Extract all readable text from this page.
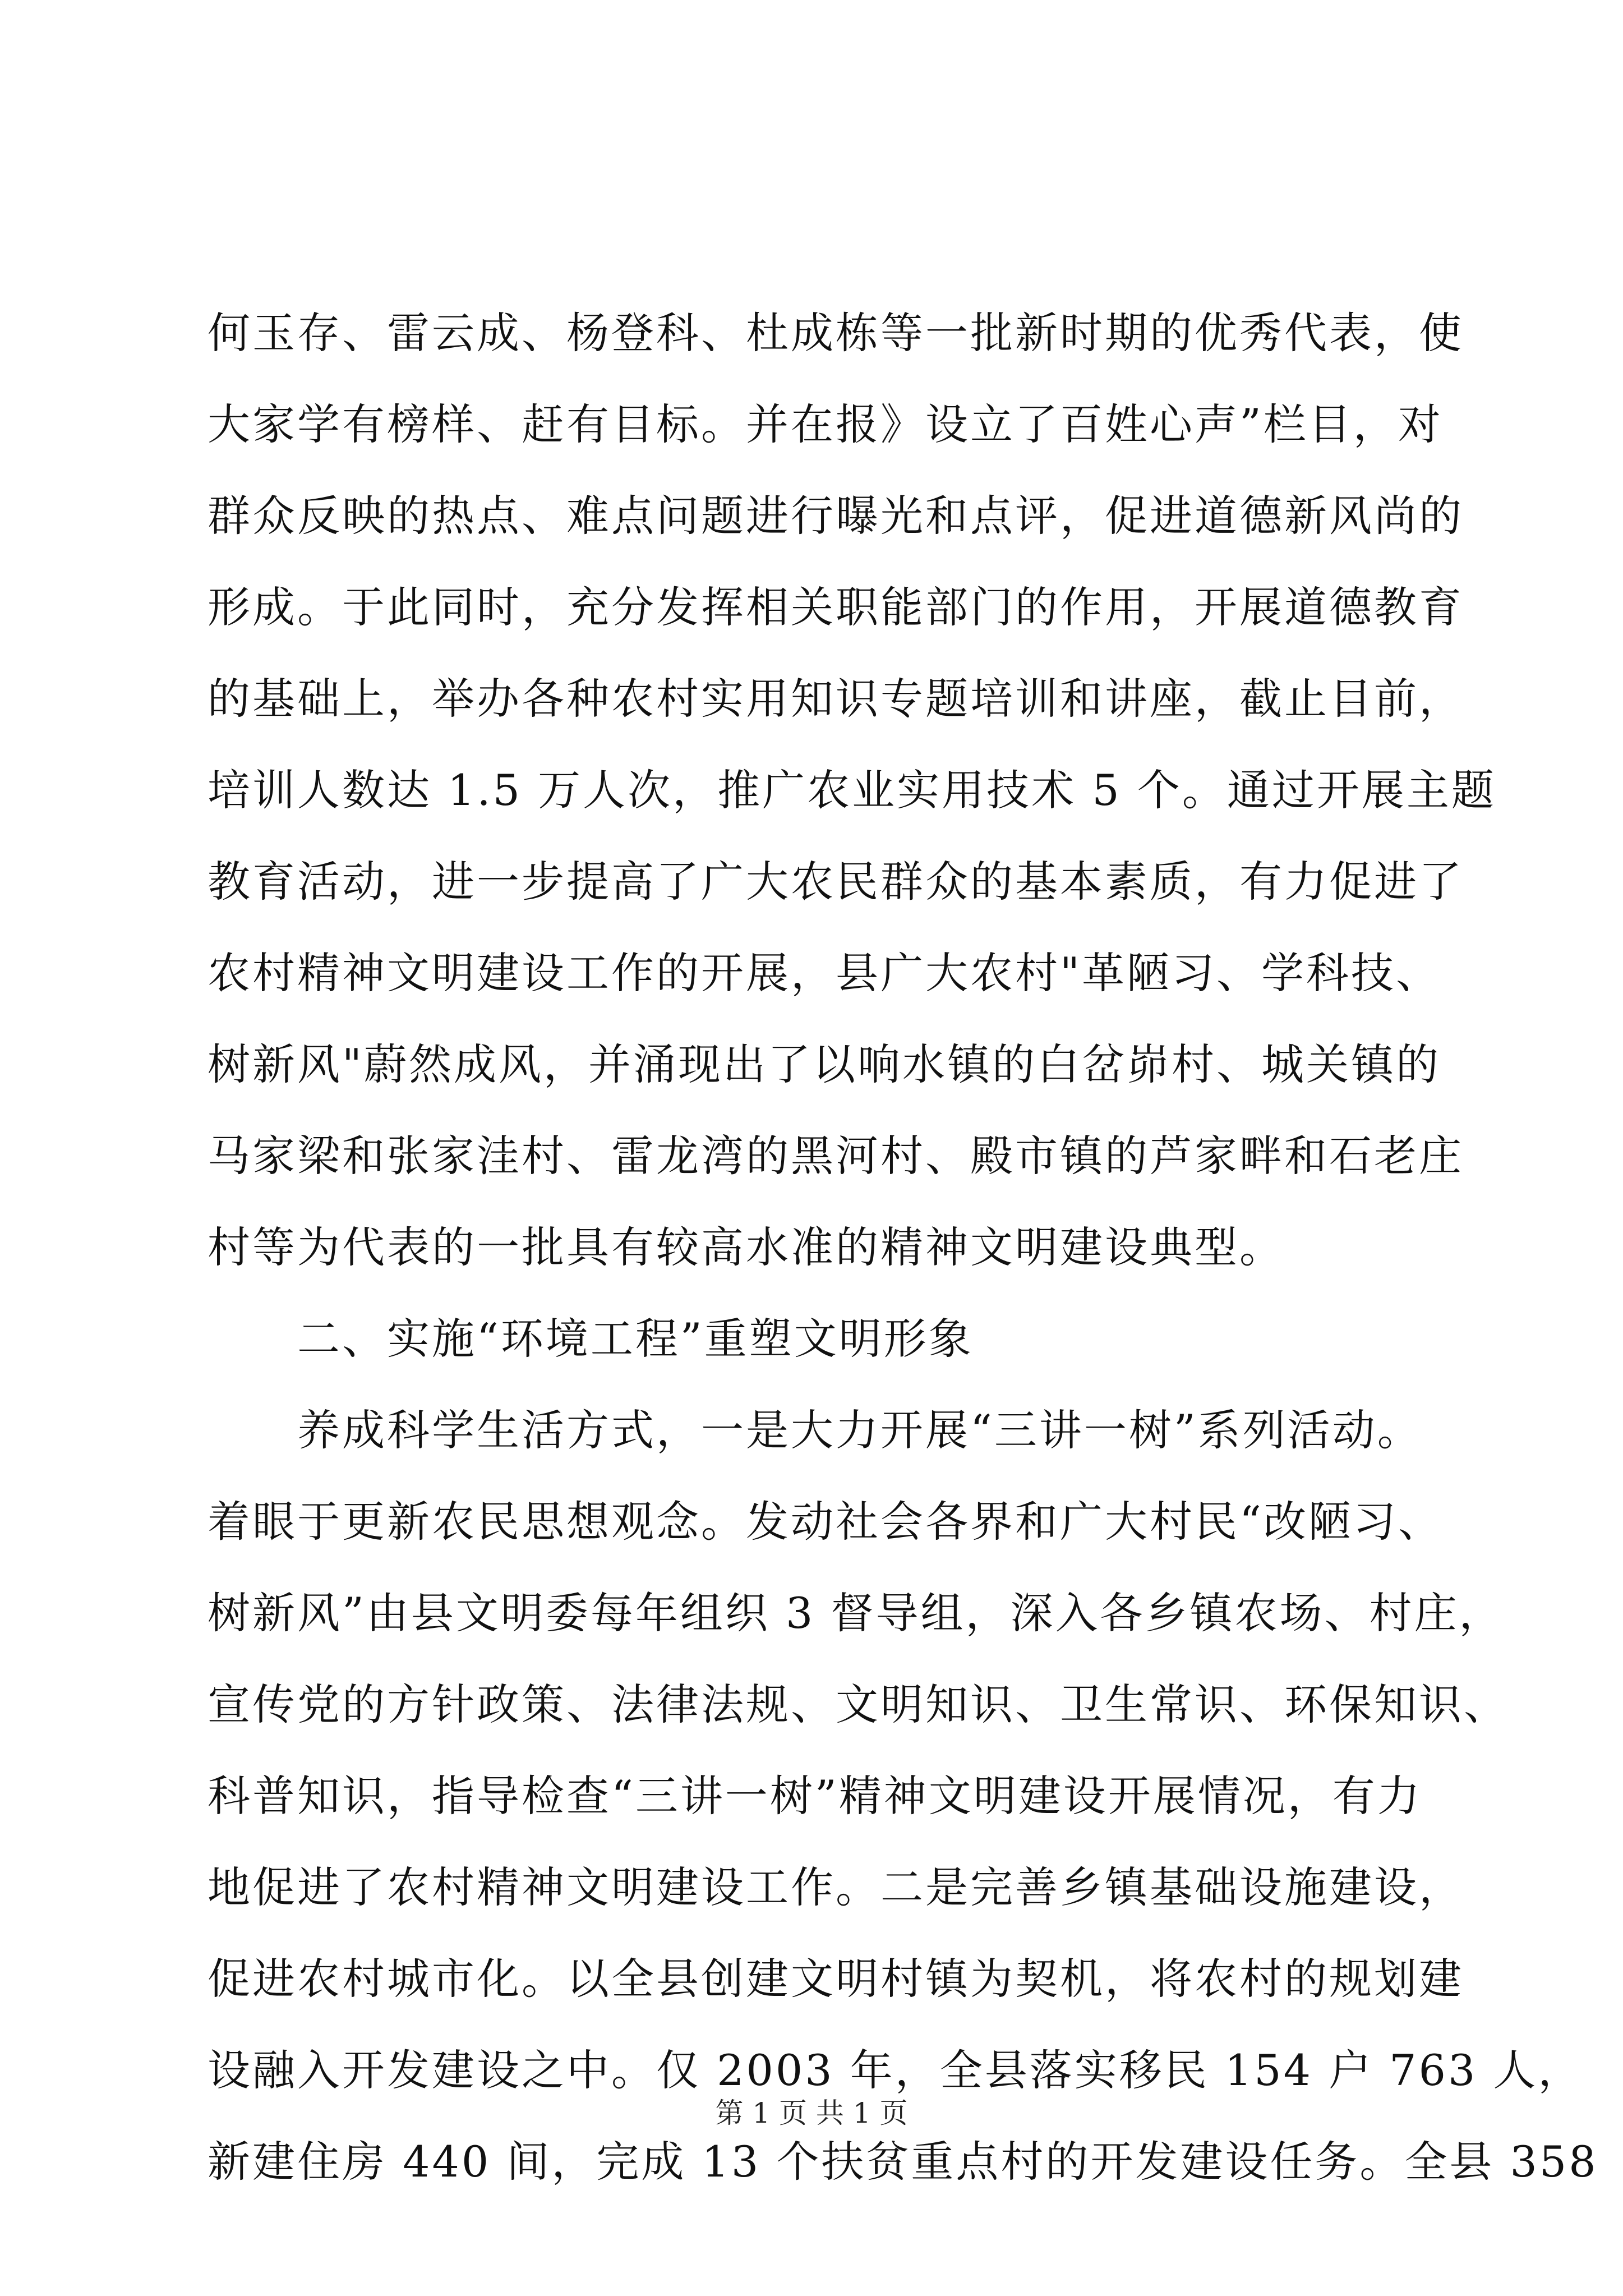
何玉存、雷云成、杨登科、杜成栋等一批新时期的优秀代表，使
大家学有榜样、赶有目标。并在报》设立了百姓心声”栏目，对
群众反映的热点、难点问题进行曝光和点评，促进道德新风尚的
形成。于此同时，充分发挥相关职能部门的作用，开展道德教育
的基础上，举办各种农村实用知识专题培训和讲座，截止目前，
培训人数达 1.5 万人次，推广农业实用技术 5 个。通过开展主题
教育活动，进一步提高了广大农民群众的基本素质，有力促进了
农村精神文明建设工作的开展，县广大农村"革陋习、学科技、
树新风"蔚然成风，并涌现出了以响水镇的白岔峁村、城关镇的
马家梁和张家洼村、雷龙湾的黑河村、殿市镇的芦家畔和石老庄
村等为代表的一批具有较高水准的精神文明建设典型。
二、实施“环境工程”重塑文明形象
养成科学生活方式，一是大力开展“三讲一树”系列活动。
着眼于更新农民思想观念。发动社会各界和广大村民“改陋习、
树新风”由县文明委每年组织 3 督导组，深入各乡镇农场、村庄，
宣传党的方针政策、法律法规、文明知识、卫生常识、环保知识、
科普知识，指导检查“三讲一树”精神文明建设开展情况，有力
地促进了农村精神文明建设工作。二是完善乡镇基础设施建设，
促进农村城市化。以全县创建文明村镇为契机，将农村的规划建
设融入开发建设之中。仅 2003 年，全县落实移民 154 户 763 人，
新建住房 440 间，完成 13 个扶贫重点村的开发建设任务。全县 358
第 1 页 共 1 页
